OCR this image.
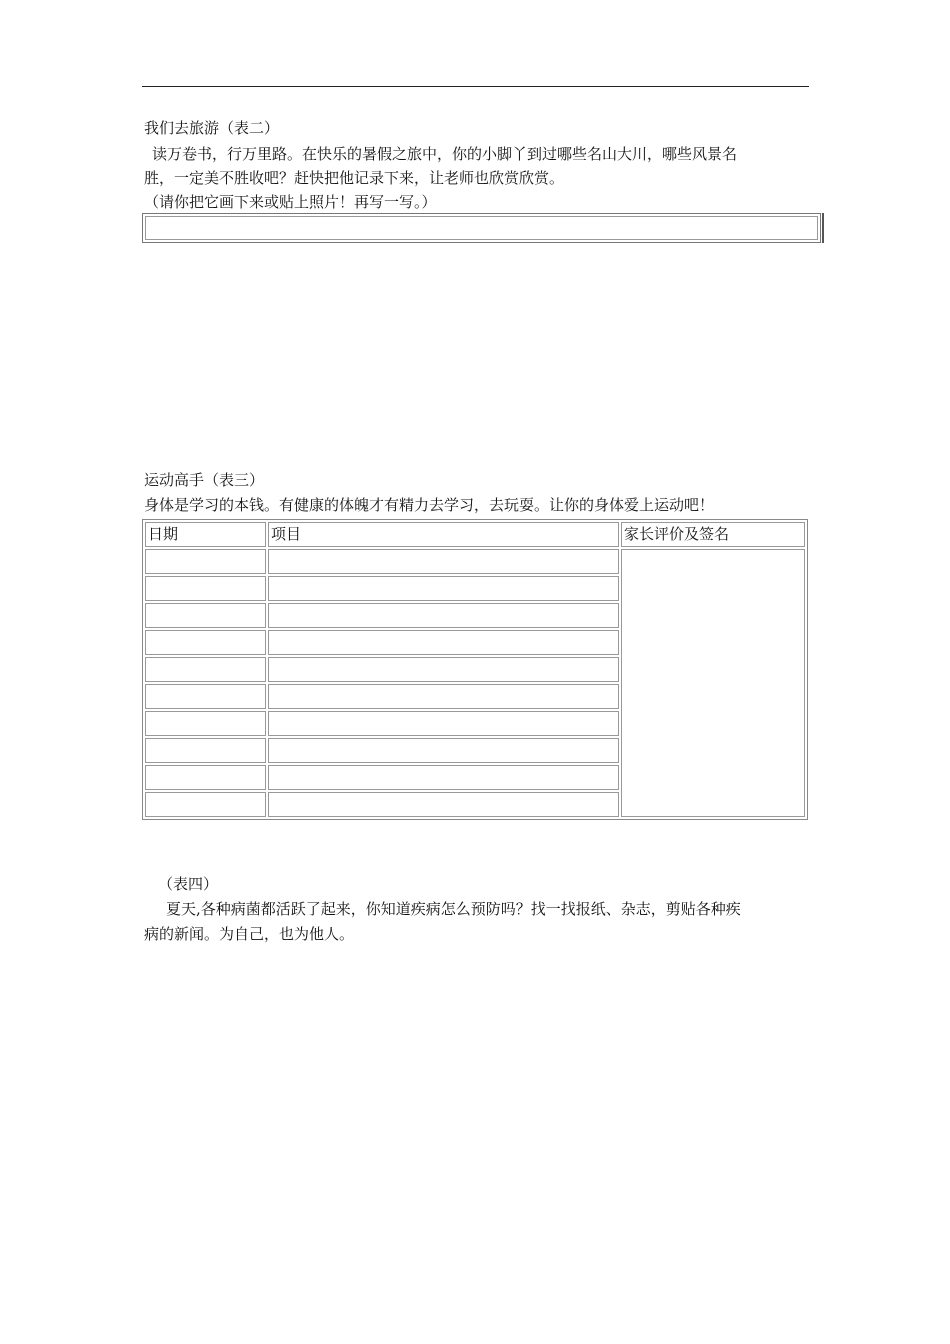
我们去旅游（表二）
读万卷书，行万里路。在快乐的暑假之旅中，你的小脚丫到过哪些名山大川，哪些风景名
胜，一定美不胜收吧？赶快把他记录下来，让老师也欣赏欣赏。
（请你把它画下来或贴上照片！再写一写。）
运动高手（表三）
身体是学习的本钱。有健康的体魄才有精力去学习，去玩耍。让你的身体爱上运动吧！
日期	项目	家长评价及签名

（表四）
夏天,各种病菌都活跃了起来，你知道疾病怎么预防吗？找一找报纸、杂志，剪贴各种疾
病的新闻。为自己，也为他人。
